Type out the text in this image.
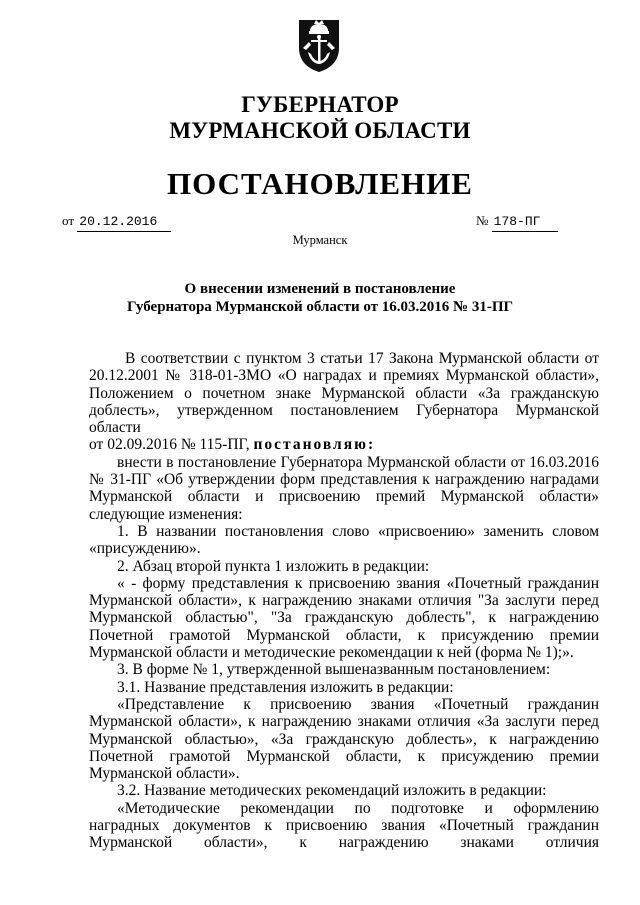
ГУБЕРНАТОР
МУРМАНСКОЙ ОБЛАСТИ
ПОСТАНОВЛЕНИЕ
от 20.12.2016	№ 178-ПГ
Мурманск
О внесении изменений в постановление
Губернатора Мурманской области от 16.03.2016 № 31-ПГ

В соответствии с пунктом 3 статьи 17 Закона Мурманской области от

20.12.2001 № 318-01-ЗМО «О наградах и премиях Мурманской области»,

Положением о почетном знаке Мурманской области «За гражданскую

доблесть», утвержденном постановлением Губернатора Мурманской области

от 02.09.2016 № 115-ПГ, постановляю:

внести в постановление Губернатора Мурманской области от 16.03.2016

№ 31-ПГ «Об утверждении форм представления к награждению наградами

Мурманской области и присвоению премий Мурманской области»

следующие изменения:

1. В названии постановления слово «присвоению» заменить словом

«присуждению».

2. Абзац второй пункта 1 изложить в редакции:

« - форму представления к присвоению звания «Почетный гражданин

Мурманской области», к награждению знаками отличия "За заслуги перед

Мурманской областью", "За гражданскую доблесть", к награждению

Почетной грамотой Мурманской области, к присуждению премии

Мурманской области и методические рекомендации к ней (форма № 1);».

3. В форме № 1, утвержденной вышеназванным постановлением:

3.1. Название представления изложить в редакции:

«Представление к присвоению звания «Почетный гражданин

Мурманской области», к награждению знаками отличия «За заслуги перед

Мурманской областью», «За гражданскую доблесть», к награждению

Почетной грамотой Мурманской области, к присуждению премии

Мурманской области».

3.2. Название методических рекомендаций изложить в редакции:

«Методические рекомендации по подготовке и оформлению

наградных документов к присвоению звания «Почетный гражданин

Мурманской области», к награждению знаками отличия
